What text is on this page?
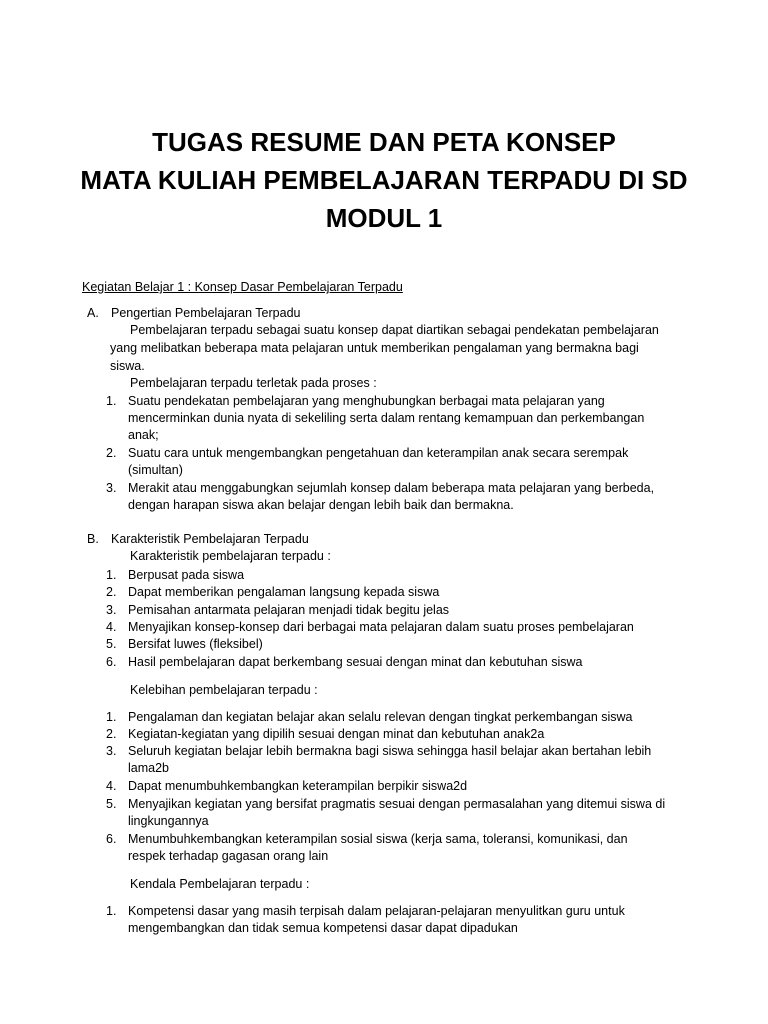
TUGAS RESUME DAN PETA KONSEP
MATA KULIAH PEMBELAJARAN TERPADU DI SD
MODUL 1
Kegiatan Belajar 1 : Konsep Dasar Pembelajaran Terpadu
A. Pengertian Pembelajaran Terpadu
Pembelajaran terpadu sebagai suatu konsep dapat diartikan sebagai pendekatan pembelajaran
yang melibatkan beberapa mata pelajaran untuk memberikan pengalaman yang bermakna bagi
siswa.
Pembelajaran terpadu terletak pada proses :
1. Suatu pendekatan pembelajaran yang menghubungkan berbagai mata pelajaran yang
mencerminkan dunia nyata di sekeliling serta dalam rentang kemampuan dan perkembangan
anak;
2. Suatu cara untuk mengembangkan pengetahuan dan keterampilan anak secara serempak
(simultan)
3. Merakit atau menggabungkan sejumlah konsep dalam beberapa mata pelajaran yang berbeda,
dengan harapan siswa akan belajar dengan lebih baik dan bermakna.
B. Karakteristik Pembelajaran Terpadu
Karakteristik pembelajaran terpadu :
1. Berpusat pada siswa
2. Dapat memberikan pengalaman langsung kepada siswa
3. Pemisahan antarmata pelajaran menjadi tidak begitu jelas
4. Menyajikan konsep-konsep dari berbagai mata pelajaran dalam suatu proses pembelajaran
5. Bersifat luwes (fleksibel)
6. Hasil pembelajaran dapat berkembang sesuai dengan minat dan kebutuhan siswa
Kelebihan pembelajaran terpadu :
1. Pengalaman dan kegiatan belajar akan selalu relevan dengan tingkat perkembangan siswa
2. Kegiatan-kegiatan yang dipilih sesuai dengan minat dan kebutuhan anak2a
3. Seluruh kegiatan belajar lebih bermakna bagi siswa sehingga hasil belajar akan bertahan lebih
lama2b
4. Dapat menumbuhkembangkan keterampilan berpikir siswa2d
5. Menyajikan kegiatan yang bersifat pragmatis sesuai dengan permasalahan yang ditemui siswa di
lingkungannya
6. Menumbuhkembangkan keterampilan sosial siswa (kerja sama, toleransi, komunikasi, dan
respek terhadap gagasan orang lain
Kendala Pembelajaran terpadu :
1. Kompetensi dasar yang masih terpisah dalam pelajaran-pelajaran menyulitkan guru untuk
mengembangkan dan tidak semua kompetensi dasar dapat dipadukan
